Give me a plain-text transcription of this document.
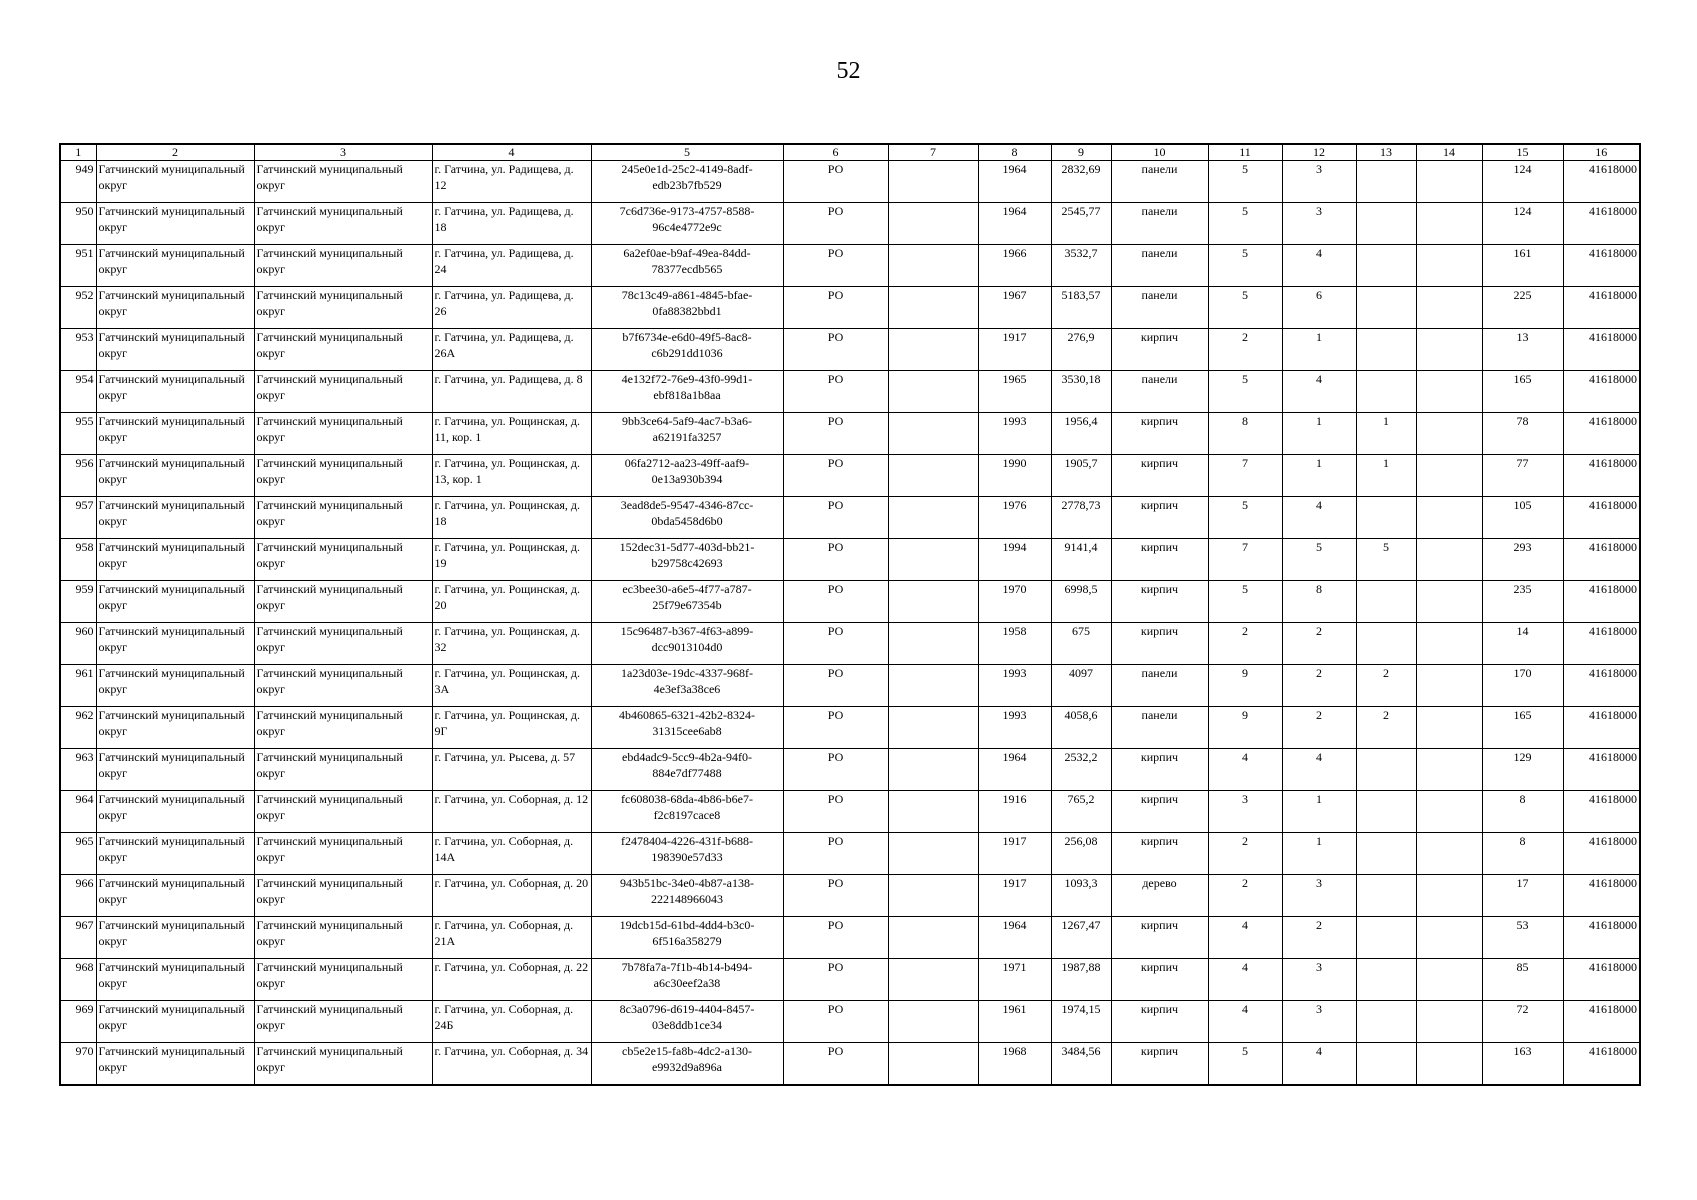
52
1	2	3	4	5	6	7	8	9	10	11	12	13	14	15	16
949	Гатчинский муниципальный округ	Гатчинский муниципальный округ	г. Гатчина, ул. Радищева, д. 12	245e0e1d-25c2-4149-8adf-edb23b7fb529	РО		1964	2832,69	панели	5	3			124	41618000
950	Гатчинский муниципальный округ	Гатчинский муниципальный округ	г. Гатчина, ул. Радищева, д. 18	7c6d736e-9173-4757-8588-96c4e4772e9c	РО		1964	2545,77	панели	5	3			124	41618000
951	Гатчинский муниципальный округ	Гатчинский муниципальный округ	г. Гатчина, ул. Радищева, д. 24	6a2ef0ae-b9af-49ea-84dd-78377ecdb565	РО		1966	3532,7	панели	5	4			161	41618000
952	Гатчинский муниципальный округ	Гатчинский муниципальный округ	г. Гатчина, ул. Радищева, д. 26	78c13c49-a861-4845-bfae-0fa88382bbd1	РО		1967	5183,57	панели	5	6			225	41618000
953	Гатчинский муниципальный округ	Гатчинский муниципальный округ	г. Гатчина, ул. Радищева, д. 26А	b7f6734e-e6d0-49f5-8ac8-c6b291dd1036	РО		1917	276,9	кирпич	2	1			13	41618000
954	Гатчинский муниципальный округ	Гатчинский муниципальный округ	г. Гатчина, ул. Радищева, д. 8	4e132f72-76e9-43f0-99d1-ebf818a1b8aa	РО		1965	3530,18	панели	5	4			165	41618000
955	Гатчинский муниципальный округ	Гатчинский муниципальный округ	г. Гатчина, ул. Рощинская, д. 11, кор. 1	9bb3ce64-5af9-4ac7-b3a6-a62191fa3257	РО		1993	1956,4	кирпич	8	1	1		78	41618000
956	Гатчинский муниципальный округ	Гатчинский муниципальный округ	г. Гатчина, ул. Рощинская, д. 13, кор. 1	06fa2712-aa23-49ff-aaf9-0e13a930b394	РО		1990	1905,7	кирпич	7	1	1		77	41618000
957	Гатчинский муниципальный округ	Гатчинский муниципальный округ	г. Гатчина, ул. Рощинская, д. 18	3ead8de5-9547-4346-87cc-0bda5458d6b0	РО		1976	2778,73	кирпич	5	4			105	41618000
958	Гатчинский муниципальный округ	Гатчинский муниципальный округ	г. Гатчина, ул. Рощинская, д. 19	152dec31-5d77-403d-bb21-b29758c42693	РО		1994	9141,4	кирпич	7	5	5		293	41618000
959	Гатчинский муниципальный округ	Гатчинский муниципальный округ	г. Гатчина, ул. Рощинская, д. 20	ec3bee30-a6e5-4f77-a787-25f79e67354b	РО		1970	6998,5	кирпич	5	8			235	41618000
960	Гатчинский муниципальный округ	Гатчинский муниципальный округ	г. Гатчина, ул. Рощинская, д. 32	15c96487-b367-4f63-a899-dcc9013104d0	РО		1958	675	кирпич	2	2			14	41618000
961	Гатчинский муниципальный округ	Гатчинский муниципальный округ	г. Гатчина, ул. Рощинская, д. 3А	1a23d03e-19dc-4337-968f-4e3ef3a38ce6	РО		1993	4097	панели	9	2	2		170	41618000
962	Гатчинский муниципальный округ	Гатчинский муниципальный округ	г. Гатчина, ул. Рощинская, д. 9Г	4b460865-6321-42b2-8324-31315cee6ab8	РО		1993	4058,6	панели	9	2	2		165	41618000
963	Гатчинский муниципальный округ	Гатчинский муниципальный округ	г. Гатчина, ул. Рысева, д. 57	ebd4adc9-5cc9-4b2a-94f0-884e7df77488	РО		1964	2532,2	кирпич	4	4			129	41618000
964	Гатчинский муниципальный округ	Гатчинский муниципальный округ	г. Гатчина, ул. Соборная, д. 12	fc608038-68da-4b86-b6e7-f2c8197cace8	РО		1916	765,2	кирпич	3	1			8	41618000
965	Гатчинский муниципальный округ	Гатчинский муниципальный округ	г. Гатчина, ул. Соборная, д. 14А	f2478404-4226-431f-b688-198390e57d33	РО		1917	256,08	кирпич	2	1			8	41618000
966	Гатчинский муниципальный округ	Гатчинский муниципальный округ	г. Гатчина, ул. Соборная, д. 20	943b51bc-34e0-4b87-a138-222148966043	РО		1917	1093,3	дерево	2	3			17	41618000
967	Гатчинский муниципальный округ	Гатчинский муниципальный округ	г. Гатчина, ул. Соборная, д. 21А	19dcb15d-61bd-4dd4-b3c0-6f516a358279	РО		1964	1267,47	кирпич	4	2			53	41618000
968	Гатчинский муниципальный округ	Гатчинский муниципальный округ	г. Гатчина, ул. Соборная, д. 22	7b78fa7a-7f1b-4b14-b494-a6c30eef2a38	РО		1971	1987,88	кирпич	4	3			85	41618000
969	Гатчинский муниципальный округ	Гатчинский муниципальный округ	г. Гатчина, ул. Соборная, д. 24Б	8c3a0796-d619-4404-8457-03e8ddb1ce34	РО		1961	1974,15	кирпич	4	3			72	41618000
970	Гатчинский муниципальный округ	Гатчинский муниципальный округ	г. Гатчина, ул. Соборная, д. 34	cb5e2e15-fa8b-4dc2-a130-e9932d9a896a	РО		1968	3484,56	кирпич	5	4			163	41618000
